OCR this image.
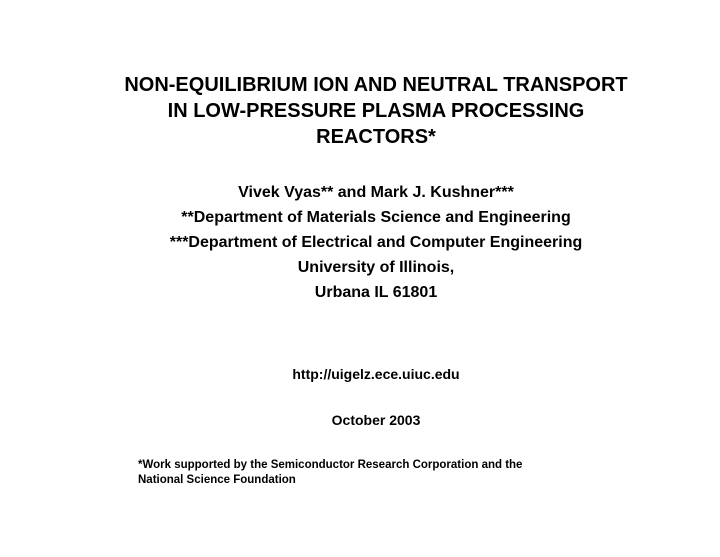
NON-EQUILIBRIUM ION AND NEUTRAL TRANSPORT
IN LOW-PRESSURE PLASMA PROCESSING
REACTORS*
Vivek Vyas** and Mark J. Kushner***
**Department of Materials Science and Engineering
***Department of Electrical and Computer Engineering
University of Illinois,
Urbana IL 61801
http://uigelz.ece.uiuc.edu
October 2003
*Work supported by the Semiconductor Research Corporation and the
National Science Foundation
